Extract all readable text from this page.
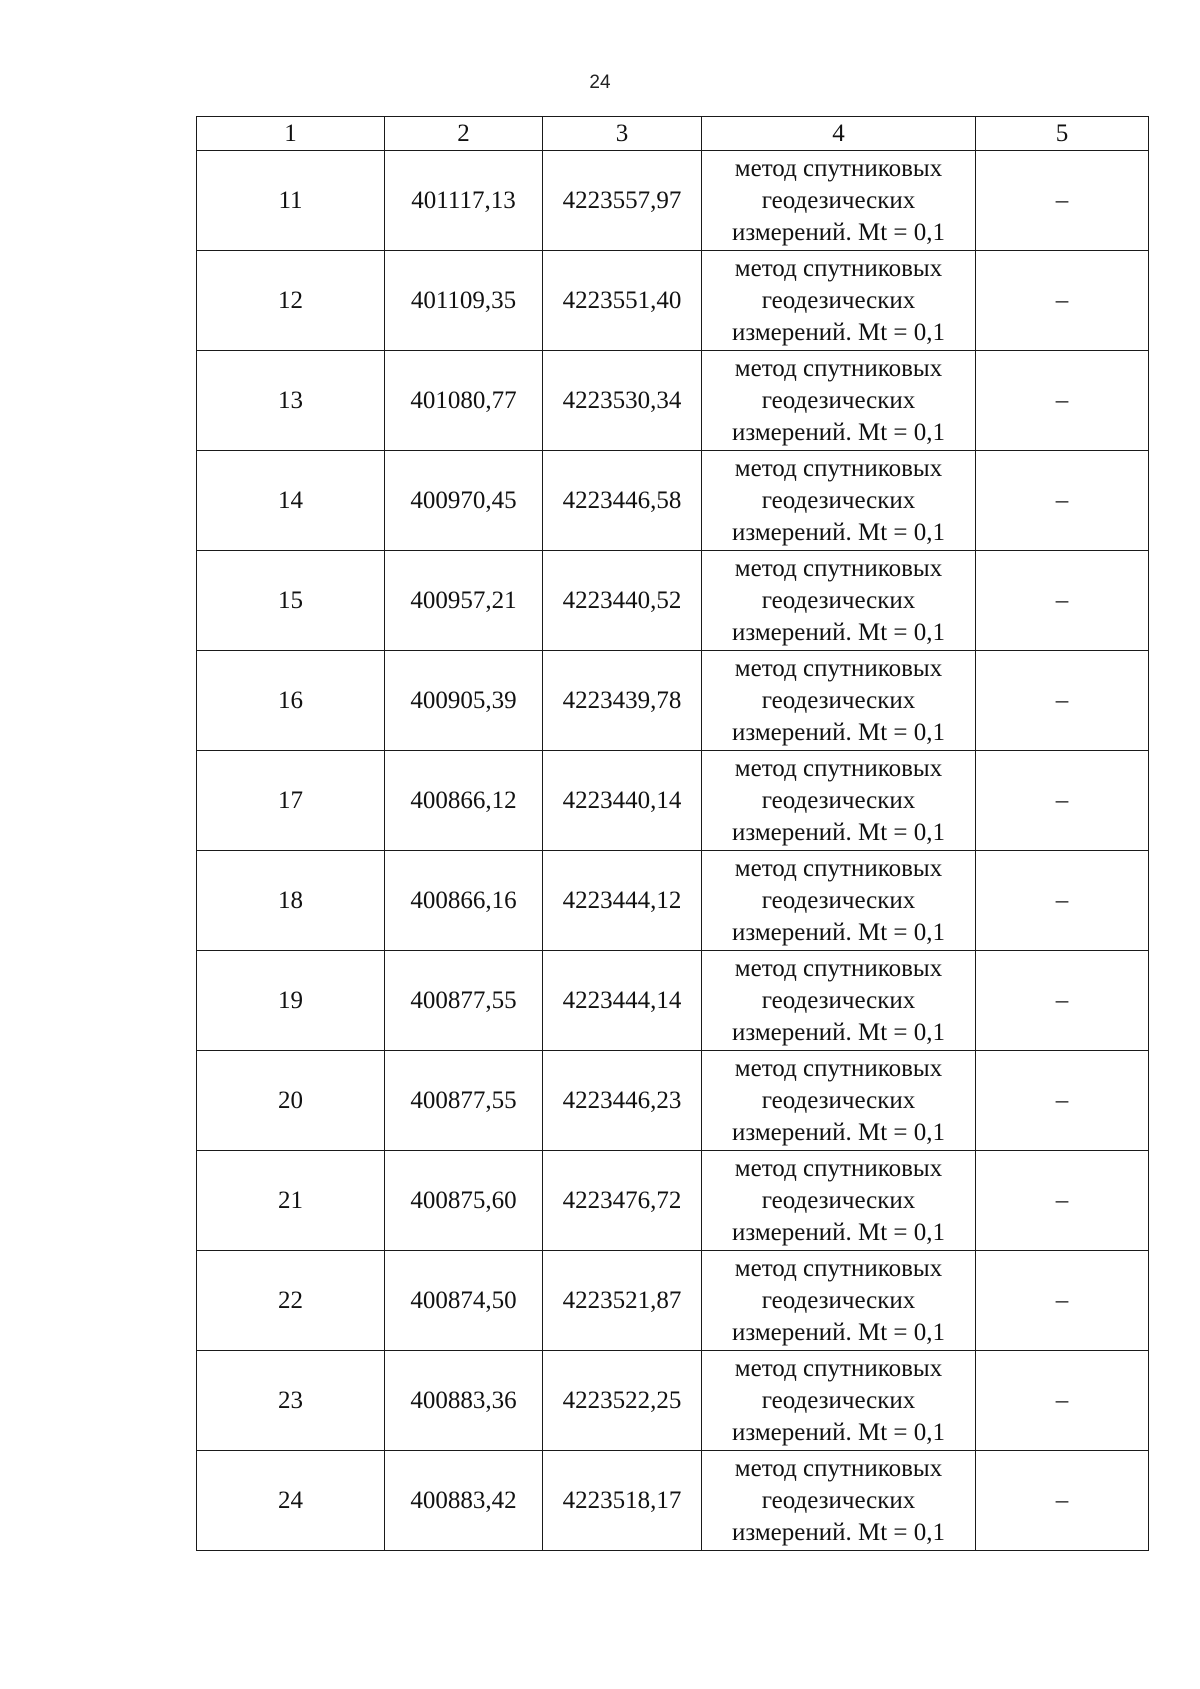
24
1	2	3	4	5
11	401117,13	4223557,97	метод спутниковых
геодезических
измерений. Mt = 0,1	–
12	401109,35	4223551,40	метод спутниковых
геодезических
измерений. Mt = 0,1	–
13	401080,77	4223530,34	метод спутниковых
геодезических
измерений. Mt = 0,1	–
14	400970,45	4223446,58	метод спутниковых
геодезических
измерений. Mt = 0,1	–
15	400957,21	4223440,52	метод спутниковых
геодезических
измерений. Mt = 0,1	–
16	400905,39	4223439,78	метод спутниковых
геодезических
измерений. Mt = 0,1	–
17	400866,12	4223440,14	метод спутниковых
геодезических
измерений. Mt = 0,1	–
18	400866,16	4223444,12	метод спутниковых
геодезических
измерений. Mt = 0,1	–
19	400877,55	4223444,14	метод спутниковых
геодезических
измерений. Mt = 0,1	–
20	400877,55	4223446,23	метод спутниковых
геодезических
измерений. Mt = 0,1	–
21	400875,60	4223476,72	метод спутниковых
геодезических
измерений. Mt = 0,1	–
22	400874,50	4223521,87	метод спутниковых
геодезических
измерений. Mt = 0,1	–
23	400883,36	4223522,25	метод спутниковых
геодезических
измерений. Mt = 0,1	–
24	400883,42	4223518,17	метод спутниковых
геодезических
измерений. Mt = 0,1	–
